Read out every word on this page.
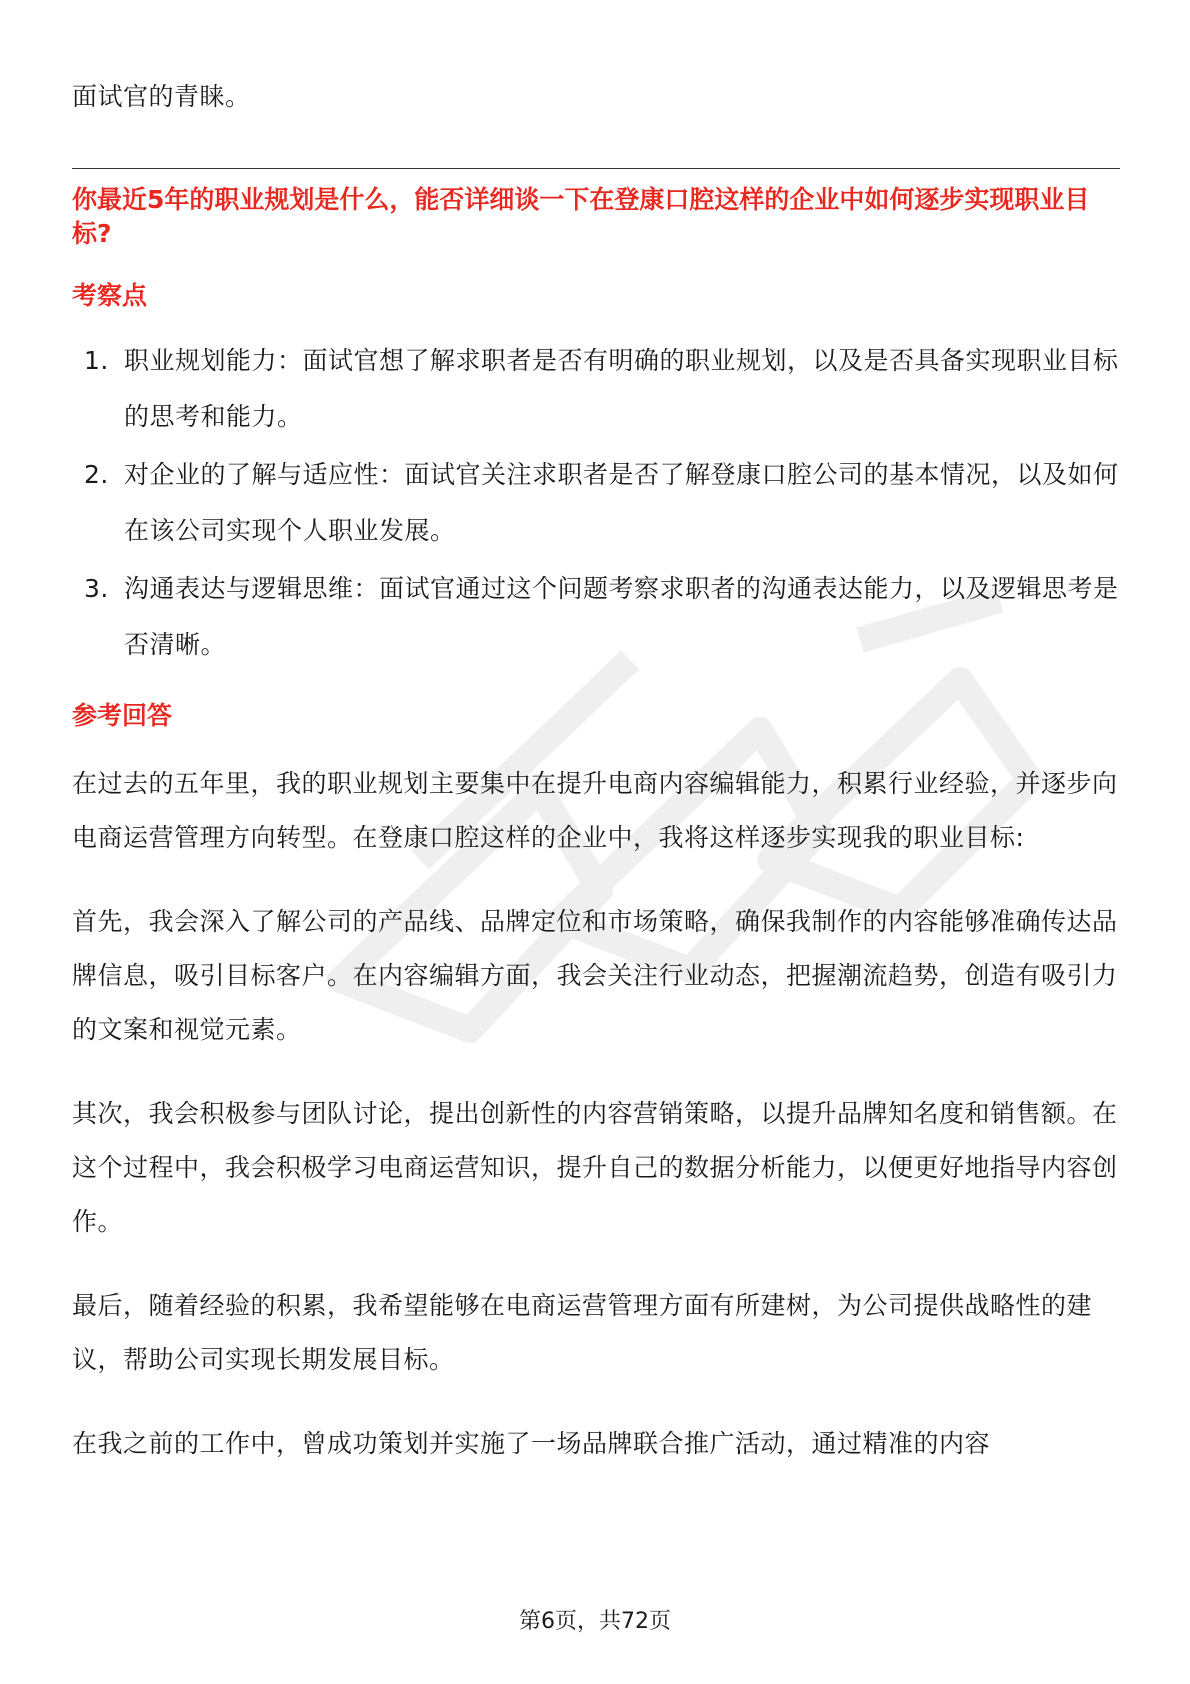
面试官的青睐。

你最近5年的职业规划是什么，能否详细谈一下在登康口腔这样的企业中如何逐步实现职业目标?
考察点
1. 职业规划能力：面试官想了解求职者是否有明确的职业规划，以及是否具备实现职业目标的思考和能力。
2. 对企业的了解与适应性：面试官关注求职者是否了解登康口腔公司的基本情况，以及如何在该公司实现个人职业发展。
3. 沟通表达与逻辑思维：面试官通过这个问题考察求职者的沟通表达能力，以及逻辑思考是否清晰。
参考回答

在过去的五年里，我的职业规划主要集中在提升电商内容编辑能力，积累行业经验，并逐步向电商运营管理方向转型。在登康口腔这样的企业中，我将这样逐步实现我的职业目标:

首先，我会深入了解公司的产品线、品牌定位和市场策略，确保我制作的内容能够准确传达品牌信息，吸引目标客户。在内容编辑方面，我会关注行业动态，把握潮流趋势，创造有吸引力的文案和视觉元素。

其次，我会积极参与团队讨论，提出创新性的内容营销策略，以提升品牌知名度和销售额。在这个过程中，我会积极学习电商运营知识，提升自己的数据分析能力，以便更好地指导内容创作。

最后，随着经验的积累，我希望能够在电商运营管理方面有所建树，为公司提供战略性的建议，帮助公司实现长期发展目标。

在我之前的工作中，曾成功策划并实施了一场品牌联合推广活动，通过精准的内容

第6页，共72页
